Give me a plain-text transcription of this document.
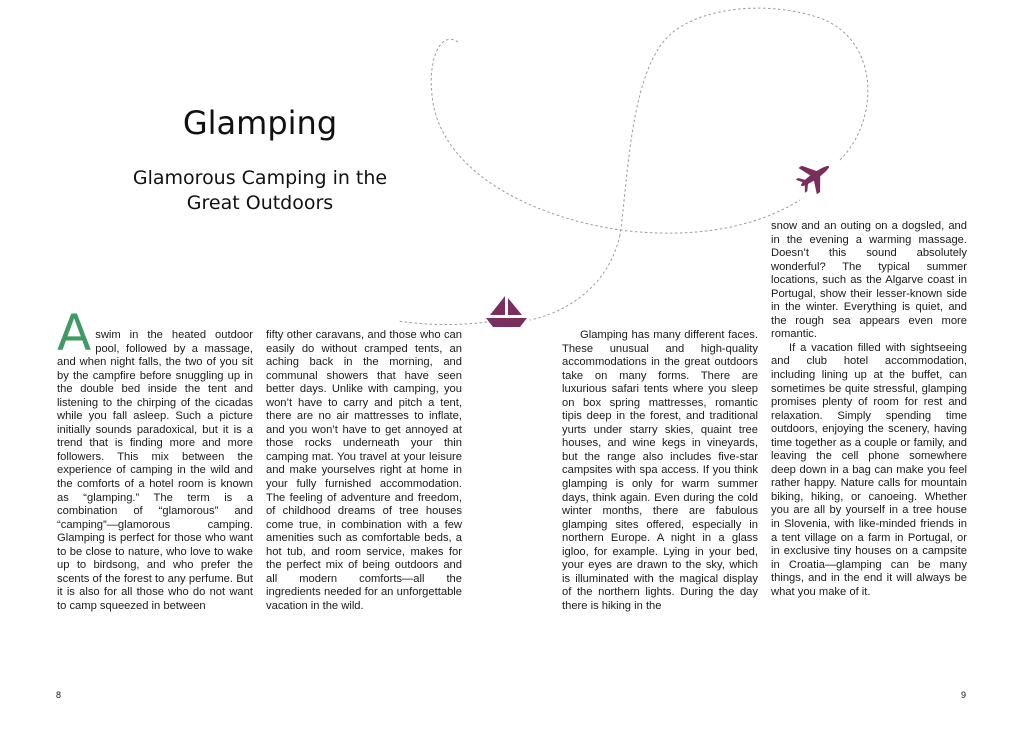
Glamping
Glamorous Camping in the
Great Outdoors

Aswim in the heated outdoor pool, followed by a massage, and when night falls, the two of you sit by the campfire before snuggling up in the double bed inside the tent and listening to the chirping of the cicadas while you fall asleep. Such a picture initially sounds paradoxical, but it is a trend that is finding more and more followers. This mix between the experience of camping in the wild and the comforts of a hotel room is known as “glamping.” The term is a combination of “glamorous” and “camping”—glamorous camping. Glamping is perfect for those who want to be close to nature, who love to wake up to birdsong, and who prefer the scents of the forest to any perfume. But it is also for all those who do not want to camp squeezed in between

fifty other caravans, and those who can easily do without cramped tents, an aching back in the morning, and communal showers that have seen better days. Unlike with camping, you won’t have to carry and pitch a tent, there are no air mattresses to inflate, and you won’t have to get annoyed at those rocks underneath your thin camping mat. You travel at your leisure and make yourselves right at home in your fully furnished accommodation. The feeling of adventure and freedom, of childhood dreams of tree houses come true, in combination with a few amenities such as comfortable beds, a hot tub, and room service, makes for the perfect mix of being outdoors and all modern comforts—all the ingredients needed for an unforgettable vacation in the wild.

Glamping has many different faces. These unusual and high-quality accommodations in the great outdoors take on many forms. There are luxurious safari tents where you sleep on box spring mattresses, romantic tipis deep in the forest, and traditional yurts under starry skies, quaint tree houses, and wine kegs in vineyards, but the range also includes five-star campsites with spa access. If you think glamping is only for warm summer days, think again. Even during the cold winter months, there are fabulous glamping sites offered, especially in northern Europe. A night in a glass igloo, for example. Lying in your bed, your eyes are drawn to the sky, which is illuminated with the magical display of the northern lights. During the day there is hiking in the

snow and an outing on a dogsled, and in the evening a warming massage. Doesn’t this sound absolutely wonderful? The typical summer locations, such as the Algarve coast in Portugal, show their lesser-known side in the winter. Everything is quiet, and the rough sea appears even more romantic.

If a vacation filled with sightseeing and club hotel accommodation, including lining up at the buffet, can sometimes be quite stressful, glamping promises plenty of room for rest and relaxation. Simply spending time outdoors, enjoying the scenery, having time together as a couple or family, and leaving the cell phone somewhere deep down in a bag can make you feel rather happy. Nature calls for mountain biking, hiking, or canoeing. Whether you are all by yourself in a tree house in Slovenia, with like-minded friends in a tent village on a farm in Portugal, or in exclusive tiny houses on a campsite in Croatia—glamping can be many things, and in the end it will always be what you make of it.

8	9
